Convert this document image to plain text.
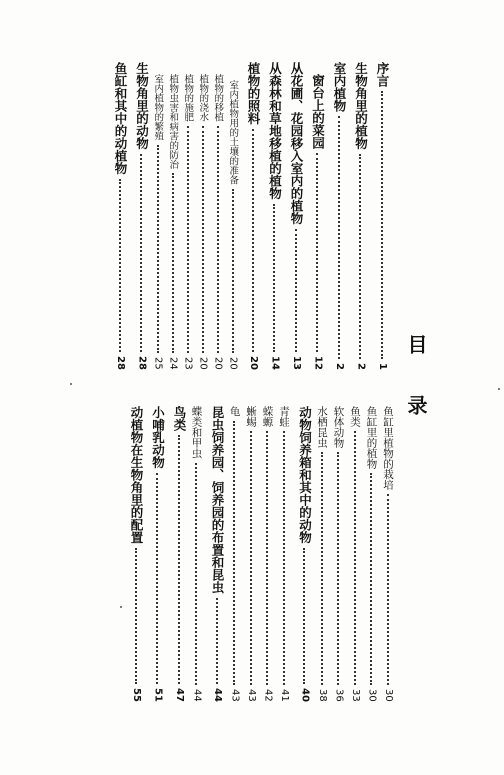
目
录
序言
1
生物角里的植物
2
室内植物
2
窗台上的菜园
12
从花圃、花园移入室内的植物
13
从森林和草地移植的植物
14
植物的照料
20
室内植物用的土壤的准备
20
植物的移植
20
植物的浇水
20
植物的施肥
23
植物虫害和病害的防治
24
室内植物的繁殖
25
生物角里的动物
28
鱼缸和其中的动植物
28
鱼缸里植物的栽培
30
鱼缸里的植物
30
鱼类
33
软体动物
36
水栖昆虫
38
动物饲养箱和其中的动物
40
青蛙
41
蝾螈
42
蜥蜴
43
龟
43
昆虫饲养园、饲养园的布置和昆虫
44
蝶类和甲虫
44
鸟类
47
小哺乳动物
51
动植物在生物角里的配置
55
